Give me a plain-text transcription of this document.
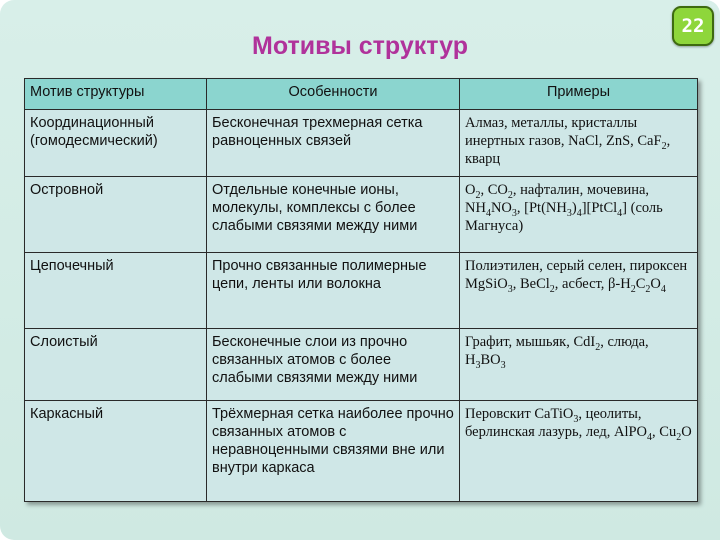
22
Мотивы структур
Мотив структуры	Особенности	Примеры
Координационный (гомодесмический)	Бесконечная трехмерная сетка равноценных связей	Алмаз, металлы, кристаллы инертных газов, NaCl, ZnS, CaF$_2$, кварц
Островной	Отдельные конечные ионы, молекулы, комплексы с более слабыми связями между ними	$O_2$, $CO_2$, нафталин, мочевина, $NH_4NO_3$, $[Pt(NH_3)_4][PtCl_4]$ (соль Магнуса)
Цепочечный	Прочно связанные полимерные цепи, ленты или волокна	Полиэтилен, серый селен, пироксен MgSiO$_3$, BeCl$_2$, асбест, $\beta-H_2C_2O_4$
Слоистый	Бесконечные слои из прочно связанных атомов с более слабыми связями между ними	Графит, мышьяк, CdI$_2$, слюда, $H_3BO_3$
Каркасный	Трёхмерная сетка наиболее прочно связанных атомов с неравноценными связями вне или внутри каркаса	Перовскит CaTiO$_3$, цеолиты, берлинская лазурь, лед, AlPO$_4$, $Cu_2O$
